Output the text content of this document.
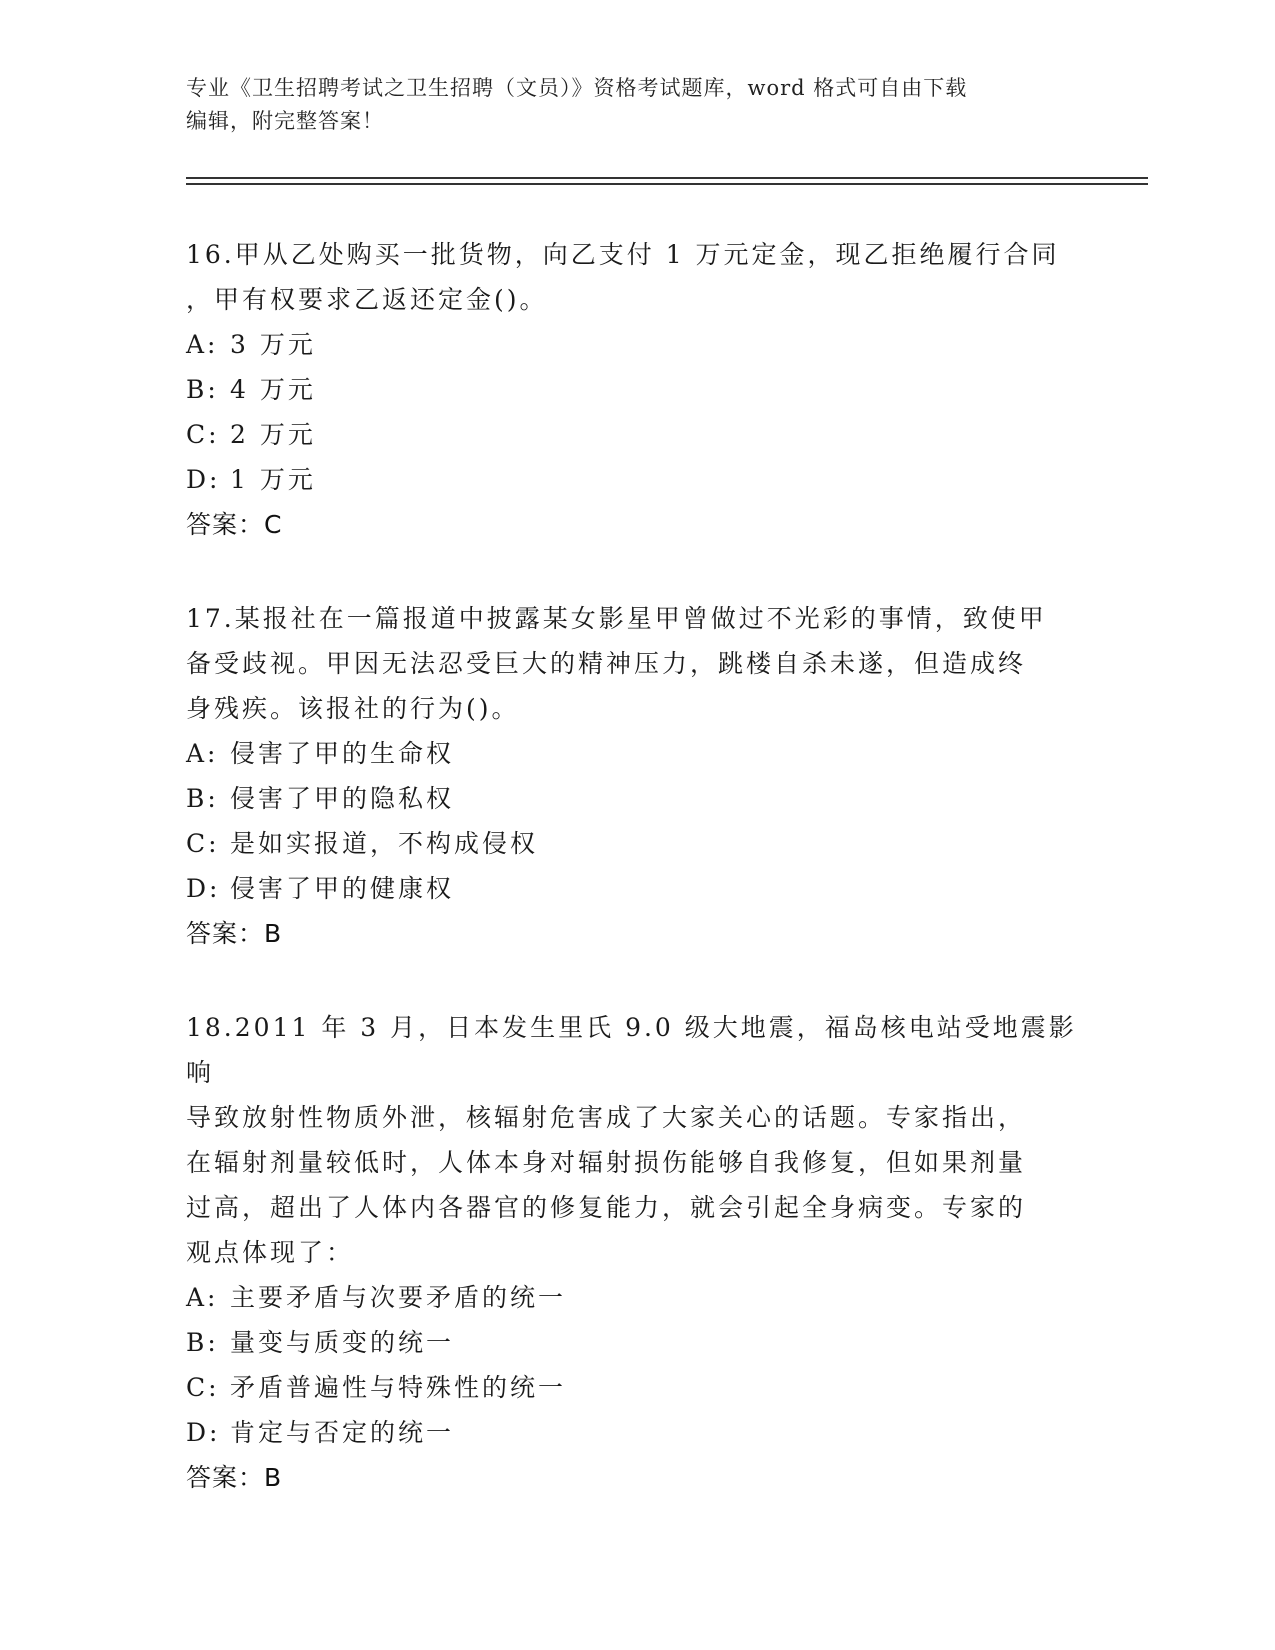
专业《卫生招聘考试之卫生招聘（文员）》资格考试题库，word 格式可自由下载
编辑，附完整答案！

16.甲从乙处购买一批货物，向乙支付 1 万元定金，现乙拒绝履行合同

，甲有权要求乙返还定金()。

A: 3 万元

B: 4 万元

C: 2 万元

D: 1 万元

答案：C

17.某报社在一篇报道中披露某女影星甲曾做过不光彩的事情，致使甲

备受歧视。甲因无法忍受巨大的精神压力，跳楼自杀未遂，但造成终

身残疾。该报社的行为()。

A: 侵害了甲的生命权

B: 侵害了甲的隐私权

C: 是如实报道，不构成侵权

D: 侵害了甲的健康权

答案：B

18.2011 年 3 月，日本发生里氏 9.0 级大地震，福岛核电站受地震影响

导致放射性物质外泄，核辐射危害成了大家关心的话题。专家指出，

在辐射剂量较低时，人体本身对辐射损伤能够自我修复，但如果剂量

过高，超出了人体内各器官的修复能力，就会引起全身病变。专家的

观点体现了：

A: 主要矛盾与次要矛盾的统一

B: 量变与质变的统一

C: 矛盾普遍性与特殊性的统一

D: 肯定与否定的统一

答案：B
